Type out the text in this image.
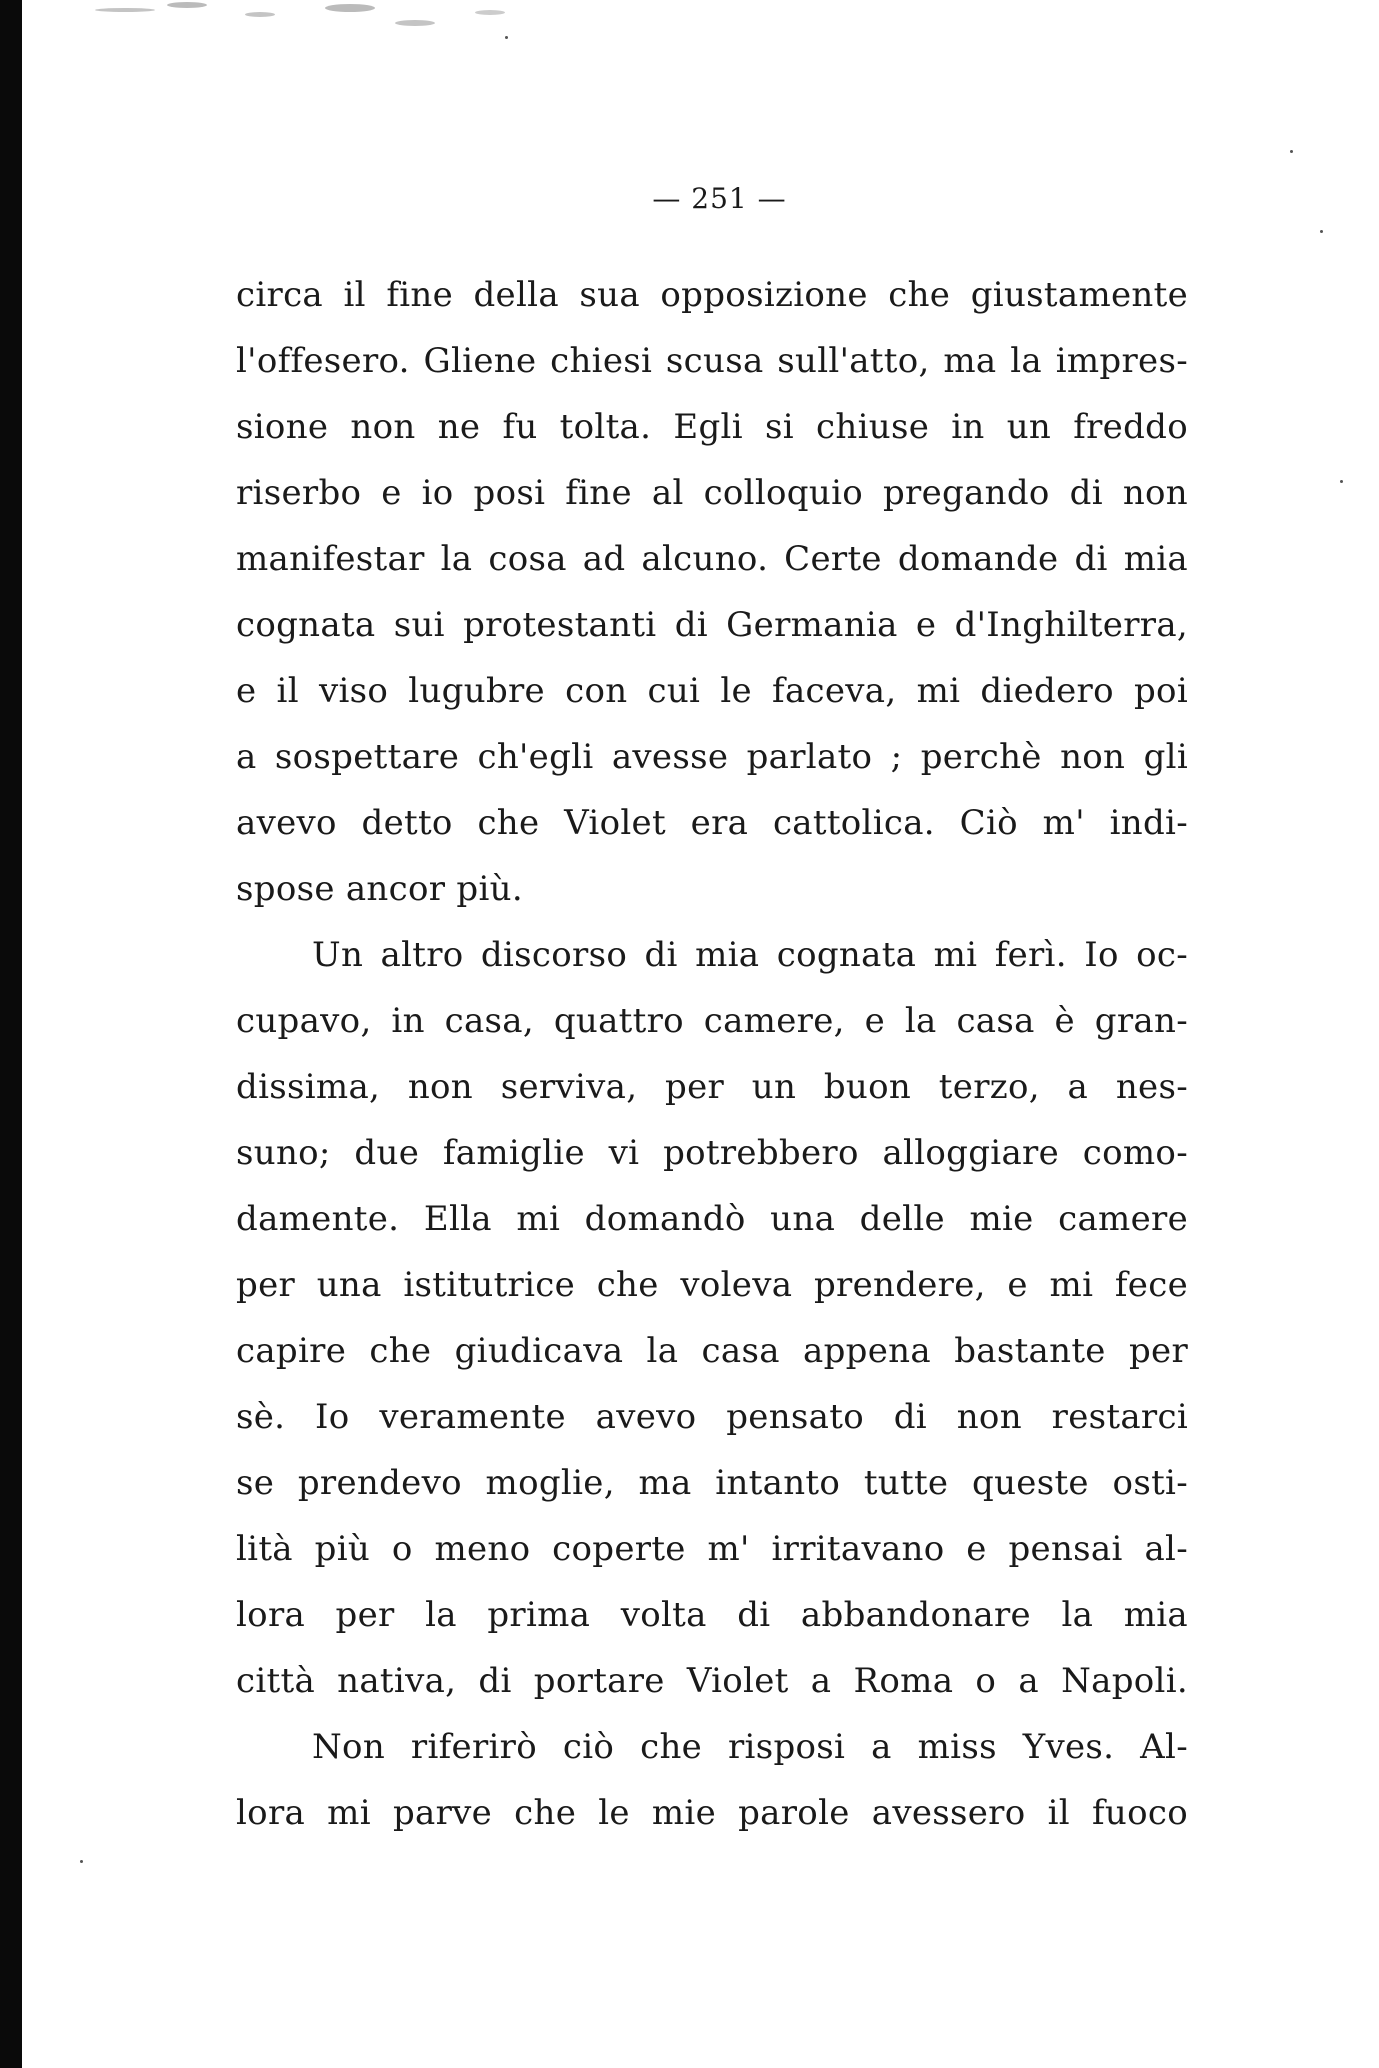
— 251 —
circa il fine della sua opposizione che giustamente
l'offesero. Gliene chiesi scusa sull'atto, ma la impres-
sione non ne fu tolta. Egli si chiuse in un freddo
riserbo e io posi fine al colloquio pregando di non
manifestar la cosa ad alcuno. Certe domande di mia
cognata sui protestanti di Germania e d'Inghilterra,
e il viso lugubre con cui le faceva, mi diedero poi
a sospettare ch'egli avesse parlato ; perchè non gli
avevo detto che Violet era cattolica. Ciò m' indi-
spose ancor più.
Un altro discorso di mia cognata mi ferì. Io oc-
cupavo, in casa, quattro camere, e la casa è gran-
dissima, non serviva, per un buon terzo, a nes-
suno; due famiglie vi potrebbero alloggiare como-
damente. Ella mi domandò una delle mie camere
per una istitutrice che voleva prendere, e mi fece
capire che giudicava la casa appena bastante per
sè. Io veramente avevo pensato di non restarci
se prendevo moglie, ma intanto tutte queste osti-
lità più o meno coperte m' irritavano e pensai al-
lora per la prima volta di abbandonare la mia
città nativa, di portare Violet a Roma o a Napoli.
Non riferirò ciò che risposi a miss Yves. Al-
lora mi parve che le mie parole avessero il fuoco
